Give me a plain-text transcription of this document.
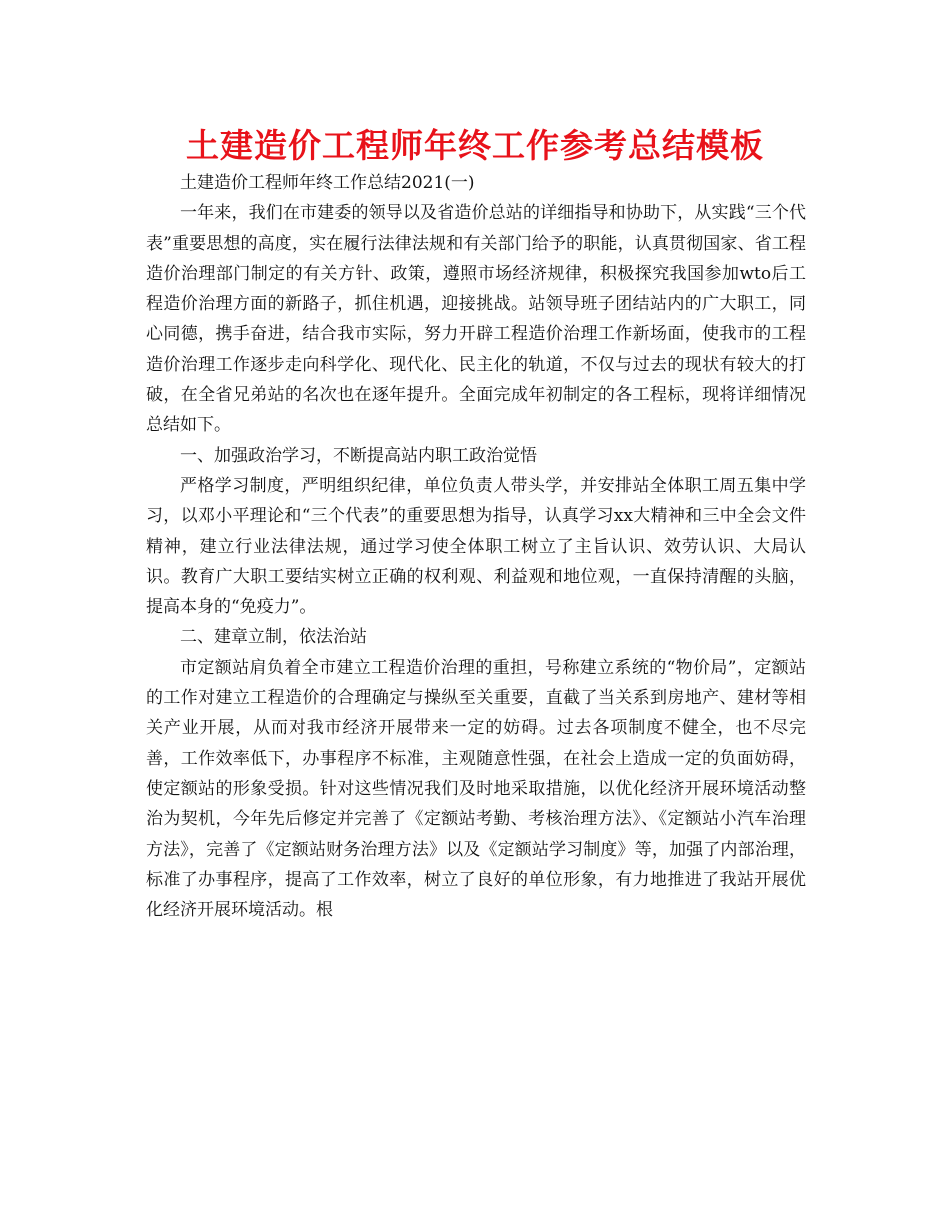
土建造价工程师年终工作参考总结模板

土建造价工程师年终工作总结2021(一)

一年来，我们在市建委的领导以及省造价总站的详细指导和协助下，从实践“三个代表”重要思想的高度，实在履行法律法规和有关部门给予的职能，认真贯彻国家、省工程造价治理部门制定的有关方针、政策，遵照市场经济规律，积极探究我国参加wto后工程造价治理方面的新路子，抓住机遇，迎接挑战。站领导班子团结站内的广大职工，同心同德，携手奋进，结合我市实际，努力开辟工程造价治理工作新场面，使我市的工程造价治理工作逐步走向科学化、现代化、民主化的轨道，不仅与过去的现状有较大的打破，在全省兄弟站的名次也在逐年提升。全面完成年初制定的各工程标，现将详细情况总结如下。

一、加强政治学习，不断提高站内职工政治觉悟

严格学习制度，严明组织纪律，单位负责人带头学，并安排站全体职工周五集中学习，以邓小平理论和“三个代表”的重要思想为指导，认真学习xx大精神和三中全会文件精神，建立行业法律法规，通过学习使全体职工树立了主旨认识、效劳认识、大局认识。教育广大职工要结实树立正确的权利观、利益观和地位观，一直保持清醒的头脑，提高本身的“免疫力”。

二、建章立制，依法治站

市定额站肩负着全市建立工程造价治理的重担，号称建立系统的“物价局”，定额站的工作对建立工程造价的合理确定与操纵至关重要，直截了当关系到房地产、建材等相关产业开展，从而对我市经济开展带来一定的妨碍。过去各项制度不健全，也不尽完善，工作效率低下，办事程序不标准，主观随意性强，在社会上造成一定的负面妨碍，使定额站的形象受损。针对这些情况我们及时地采取措施，以优化经济开展环境活动整治为契机，今年先后修定并完善了《定额站考勤、考核治理方法》、《定额站小汽车治理方法》，完善了《定额站财务治理方法》以及《定额站学习制度》等，加强了内部治理，标准了办事程序，提高了工作效率，树立了良好的单位形象，有力地推进了我站开展优化经济开展环境活动。根
